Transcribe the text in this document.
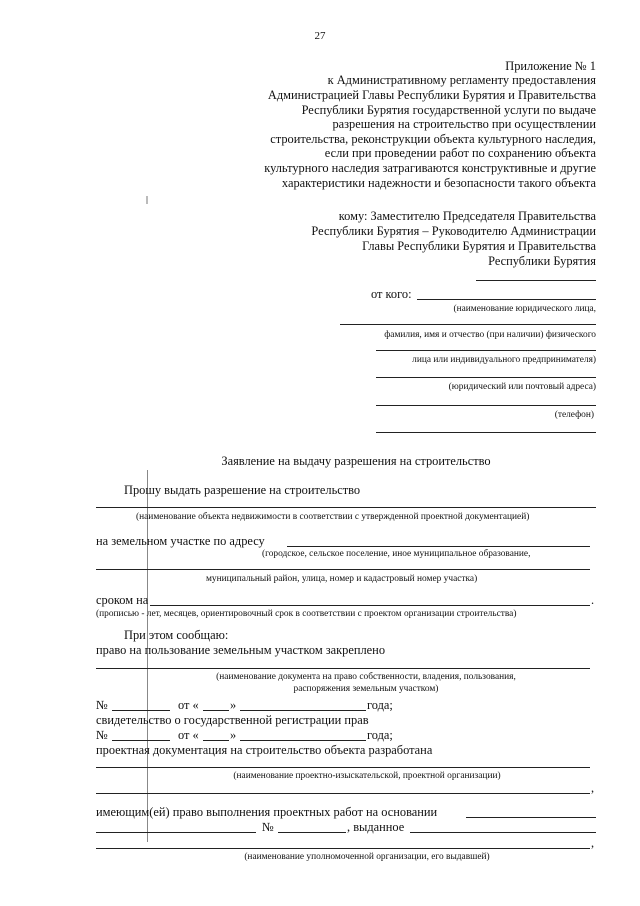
27
Приложение № 1
к Административному регламенту предоставления
Администрацией Главы Республики Бурятия и Правительства
Республики Бурятия государственной услуги по выдаче
разрешения на строительство при осуществлении
строительства, реконструкции объекта культурного наследия,
если при проведении работ по сохранению объекта
культурного наследия затрагиваются конструктивные и другие
характеристики надежности и безопасности такого объекта
кому: Заместителю Председателя Правительства
Республики Бурятия – Руководителю Администрации
Главы Республики Бурятия и Правительства
Республики Бурятия
от кого:
(наименование юридического лица,
фамилия, имя и отчество (при наличии) физического
лица или индивидуального предпринимателя)
(юридический или почтовый адреса)
(телефон)
Заявление на выдачу разрешения на строительство
Прошу выдать разрешение на строительство
(наименование объекта недвижимости в соответствии с утвержденной проектной документацией)
на земельном участке по адресу
(городское, сельское поселение, иное муниципальное образование,
муниципальный район, улица, номер и кадастровый номер участка)
сроком на	.
(прописью - лет, месяцев, ориентировочный срок в соответствии с проектом организации строительства)
При этом сообщаю:
право на пользование земельным участком закреплено
(наименование документа на право собственности, владения, пользования,
распоряжения земельным участком)
№	от «	»	года;
свидетельство о государственной регистрации прав
№	от «	»	года;
проектная документация на строительство объекта разработана
(наименование проектно-изыскательской, проектной организации)
,
имеющим(ей) право выполнения проектных работ на основании
№	, выданное
,
(наименование уполномоченной организации, его выдавшей)
